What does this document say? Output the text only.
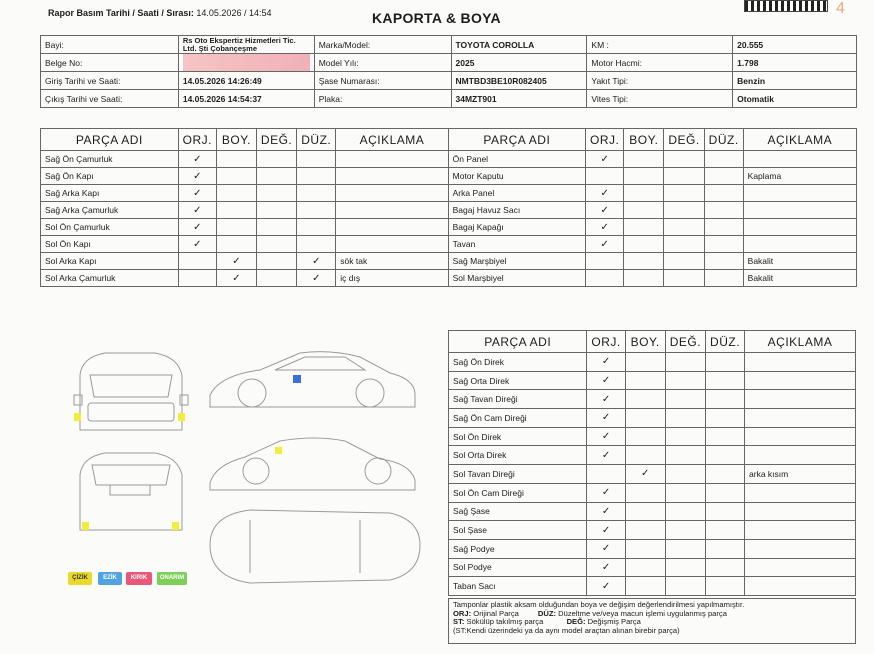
Rapor Basım Tarihi / Saati / Sırası: 14.05.2026 / 14:54	KAPORTA & BOYA
4
Bayi:	Rs Oto Ekspertiz Hizmetleri Tic. Ltd. Şti Çobançeşme	Marka/Model:	TOYOTA COROLLA	KM :	20.555
Belge No:		Model Yılı:	2025	Motor Hacmi:	1.798
Giriş Tarihi ve Saati:	14.05.2026 14:26:49	Şase Numarası:	NMTBD3BE10R082405	Yakıt Tipi:	Benzin
Çıkış Tarihi ve Saati:	14.05.2026 14:54:37	Plaka:	34MZT901	Vites Tipi:	Otomatik
PARÇA ADI	ORJ.	BOY.	DEĞ.	DÜZ.	AÇIKLAMA	PARÇA ADI	ORJ.	BOY.	DEĞ.	DÜZ.	AÇIKLAMA
Sağ Ön Çamurluk	✓					Ön Panel	✓				
Sağ Ön Kapı	✓					Motor Kaputu					Kaplama
Sağ Arka Kapı	✓					Arka Panel	✓				
Sağ Arka Çamurluk	✓					Bagaj Havuz Sacı	✓				
Sol Ön Çamurluk	✓					Bagaj Kapağı	✓				
Sol Ön Kapı	✓					Tavan	✓				
Sol Arka Kapı		✓		✓	sök tak	Sağ Marşbiyel					Bakalit
Sol Arka Çamurluk		✓		✓	iç dış	Sol Marşbiyel					Bakalit
PARÇA ADI	ORJ.	BOY.	DEĞ.	DÜZ.	AÇIKLAMA
Sağ Ön Direk	✓				
Sağ Orta Direk	✓				
Sağ Tavan Direği	✓				
Sağ Ön Cam Direği	✓				
Sol Ön Direk	✓				
Sol Orta Direk	✓				
Sol Tavan Direği		✓			arka kısım
Sol Ön Cam Direği	✓				
Sağ Şase	✓				
Sol Şase	✓				
Sağ Podye	✓				
Sol Podye	✓				
Taban Sacı	✓				
Tamponlar plastik aksam olduğundan boya ve değişim değerlendirilmesi yapılmamıştır.
ORJ: Orijinal Parça	DÜZ: Düzeltme ve/veya macun işlemi uygulanmış parça
ST: Sökülüp takılmış parça	DEĞ: Değişmiş Parça
(ST:Kendi üzerindeki ya da aynı model araçtan alınan birebir parça)
ÇİZİK	EZİK	KIRIK	ONARIM
